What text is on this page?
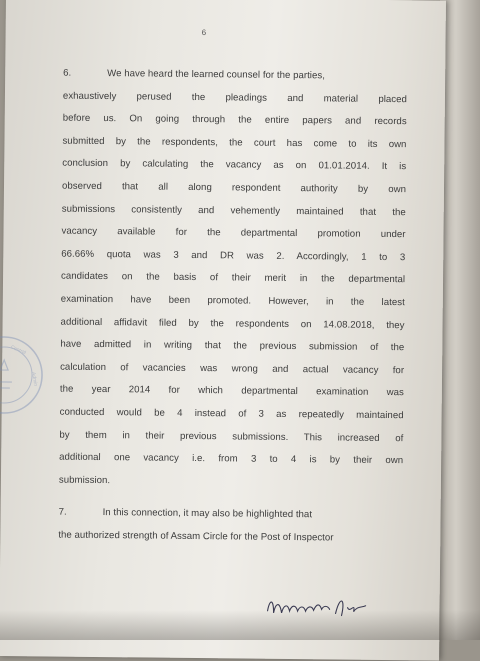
6
Central
Admin
6.	We have heard the learned counsel for the parties,
exhaustively perused the pleadings and material placed
before us. On going through the entire papers and records
submitted by the respondents, the court has come to its own
conclusion by calculating the vacancy as on 01.01.2014. It is
observed that all along respondent authority by own
submissions consistently and vehemently maintained that the
vacancy available for the departmental promotion under
66.66% quota was 3 and DR was 2. Accordingly, 1 to 3
candidates on the basis of their merit in the departmental
examination have been promoted. However, in the latest
additional affidavit filed by the respondents on 14.08.2018, they
have admitted in writing that the previous submission of the
calculation of vacancies was wrong and actual vacancy for
the year 2014 for which departmental examination was
conducted would be 4 instead of 3 as repeatedly maintained
by them in their previous submissions. This increased of
additional one vacancy i.e. from 3 to 4 is by their own
submission.
7.	In this connection, it may also be highlighted that
the authorized strength of Assam Circle for the Post of Inspector
